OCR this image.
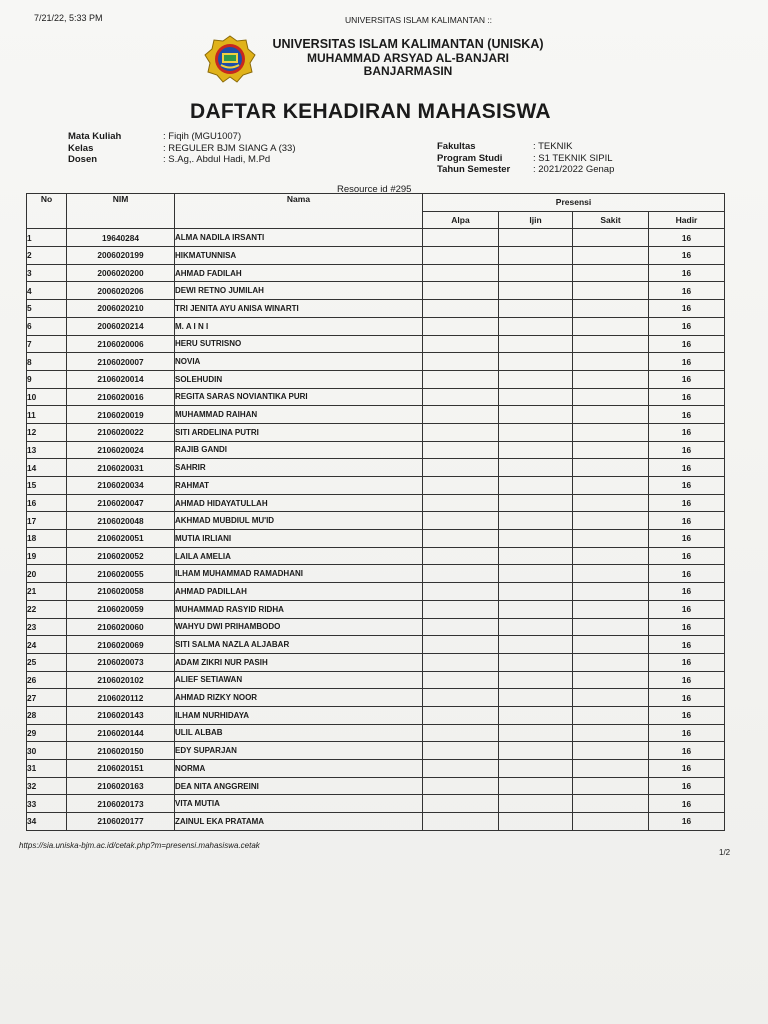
7/21/22, 5:33 PM	UNIVERSITAS ISLAM KALIMANTAN ::
UNIVERSITAS ISLAM KALIMANTAN (UNISKA)
MUHAMMAD ARSYAD AL-BANJARI
BANJARMASIN
DAFTAR KEHADIRAN MAHASISWA
Mata Kuliah	: Fiqih (MGU1007)
Kelas	: REGULER BJM SIANG A (33)
Dosen	: S.Ag,. Abdul Hadi, M.Pd
Fakultas	: TEKNIK
Program Studi	: S1 TEKNIK SIPIL
Tahun Semester	: 2021/2022 Genap
Resource id #295
No	NIM	Nama	Presensi			
			Alpa	Ijin	Sakit	Hadir
1	19640284	ALMA NADILA IRSANTI				16
2	2006020199	HIKMATUNNISA				16
3	2006020200	AHMAD FADILAH				16
4	2006020206	DEWI RETNO JUMILAH				16
5	2006020210	TRI JENITA AYU ANISA WINARTI				16
6	2006020214	M. A I N I				16
7	2106020006	HERU SUTRISNO				16
8	2106020007	NOVIA				16
9	2106020014	SOLEHUDIN				16
10	2106020016	REGITA SARAS NOVIANTIKA PURI				16
11	2106020019	MUHAMMAD RAIHAN				16
12	2106020022	SITI ARDELINA PUTRI				16
13	2106020024	RAJIB GANDI				16
14	2106020031	SAHRIR				16
15	2106020034	RAHMAT				16
16	2106020047	AHMAD HIDAYATULLAH				16
17	2106020048	AKHMAD MUBDIUL MU'ID				16
18	2106020051	MUTIA IRLIANI				16
19	2106020052	LAILA AMELIA				16
20	2106020055	ILHAM MUHAMMAD RAMADHANI				16
21	2106020058	AHMAD PADILLAH				16
22	2106020059	MUHAMMAD RASYID RIDHA				16
23	2106020060	WAHYU DWI PRIHAMBODO				16
24	2106020069	SITI SALMA NAZLA ALJABAR				16
25	2106020073	ADAM ZIKRI NUR PASIH				16
26	2106020102	ALIEF SETIAWAN				16
27	2106020112	AHMAD RIZKY NOOR				16
28	2106020143	ILHAM NURHIDAYA				16
29	2106020144	ULIL ALBAB				16
30	2106020150	EDY SUPARJAN				16
31	2106020151	NORMA				16
32	2106020163	DEA NITA ANGGREINI				16
33	2106020173	VITA MUTIA				16
34	2106020177	ZAINUL EKA PRATAMA				16
https://sia.uniska-bjm.ac.id/cetak.php?m=presensi.mahasiswa.cetak
1/2
